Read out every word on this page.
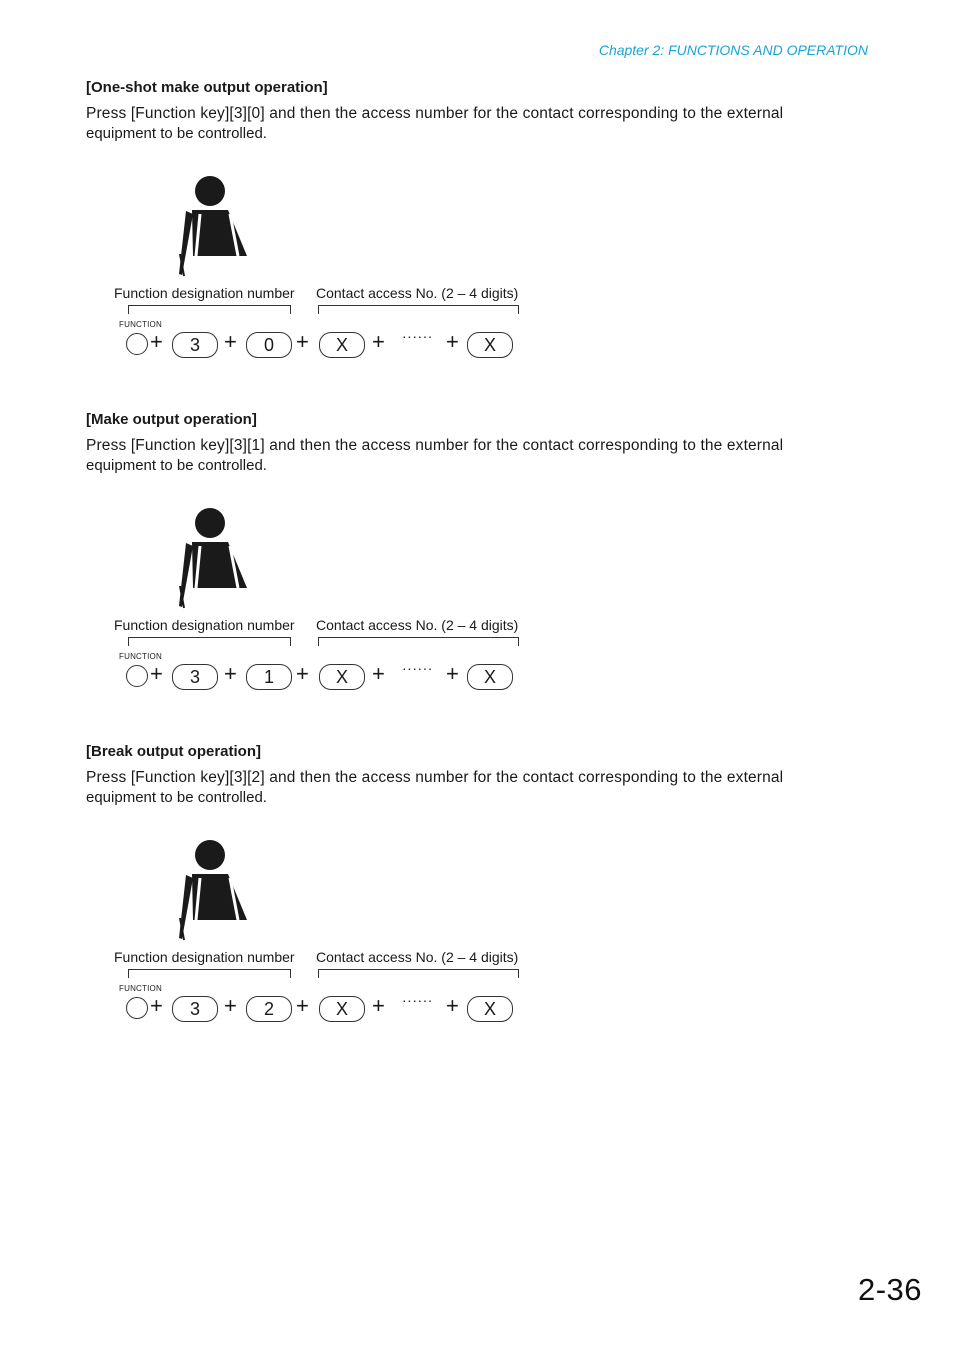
Chapter 2: FUNCTIONS AND OPERATION

[One-shot make output operation]

Press [Function key][3][0] and then the access number for the contact corresponding to the external
equipment to be controlled.

Function designation number Contact access No. (2 – 4 digits)
FUNCTION
+	3	+	0	+	X	+ ······ +	X

[Make output operation]

Press [Function key][3][1] and then the access number for the contact corresponding to the external
equipment to be controlled.

Function designation number Contact access No. (2 – 4 digits)
FUNCTION
+	3	+	1	+	X	+ ······ +	X

[Break output operation]

Press [Function key][3][2] and then the access number for the contact corresponding to the external
equipment to be controlled.

Function designation number Contact access No. (2 – 4 digits)
FUNCTION
+	3	+	2	+	X	+ ······ +	X
2-36
